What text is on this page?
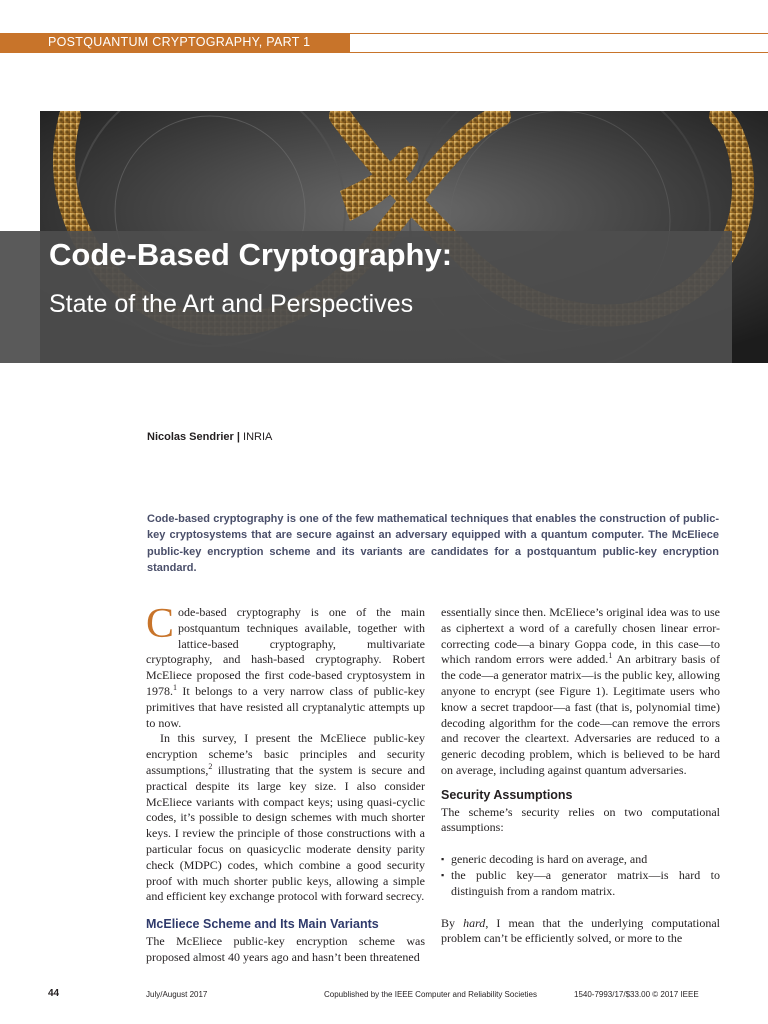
POSTQUANTUM CRYPTOGRAPHY, PART 1
Code-Based Cryptography:
State of the Art and Perspectives
Nicolas Sendrier | INRIA
Code-based cryptography is one of the few mathematical techniques that enables the construction of public-key cryptosystems that are secure against an adversary equipped with a quantum computer. The McEliece public-key encryption scheme and its variants are candidates for a postquantum public-key encryption standard.

Code-based cryptography is one of the main postquantum techniques available, together with lattice-based cryptography, multivariate cryptography, and hash-based cryptography. Robert McEliece proposed the first code-based cryptosystem in 1978.$^1$ It belongs to a very narrow class of public-key primitives that have resisted all cryptanalytic attempts up to now.

In this survey, I present the McEliece public-key encryption scheme’s basic principles and security assumptions,$^2$ illustrating that the system is secure and practical despite its large key size. I also consider McEliece variants with compact keys; using quasi-cyclic codes, it’s possible to design schemes with much shorter keys. I review the principle of those constructions with a particular focus on quasicyclic moderate density parity check (MDPC) codes, which combine a good security proof with much shorter public keys, allowing a simple and efficient key exchange protocol with forward secrecy.

McEliece Scheme and Its Main Variants

The McEliece public-key encryption scheme was proposed almost 40 years ago and hasn’t been threatened

essentially since then. McEliece’s original idea was to use as ciphertext a word of a carefully chosen linear error-correcting code—a binary Goppa code, in this case—to which random errors were added.$^1$ An arbitrary basis of the code—a generator matrix—is the public key, allowing anyone to encrypt (see Figure 1). Legitimate users who know a secret trapdoor—a fast (that is, polynomial time) decoding algorithm for the code—can remove the errors and recover the cleartext. Adversaries are reduced to a generic decoding problem, which is believed to be hard on average, including against quantum adversaries.

Security Assumptions

The scheme’s security relies on two computational assumptions:

▪ generic decoding is hard on average, and
▪ the public key—a generator matrix—is hard to distinguish from a random matrix.

By hard, I mean that the underlying computational problem can’t be efficiently solved, or more to the

44	July/August 2017	Copublished by the IEEE Computer and Reliability Societies	1540-7993/17/$33.00 © 2017 IEEE
